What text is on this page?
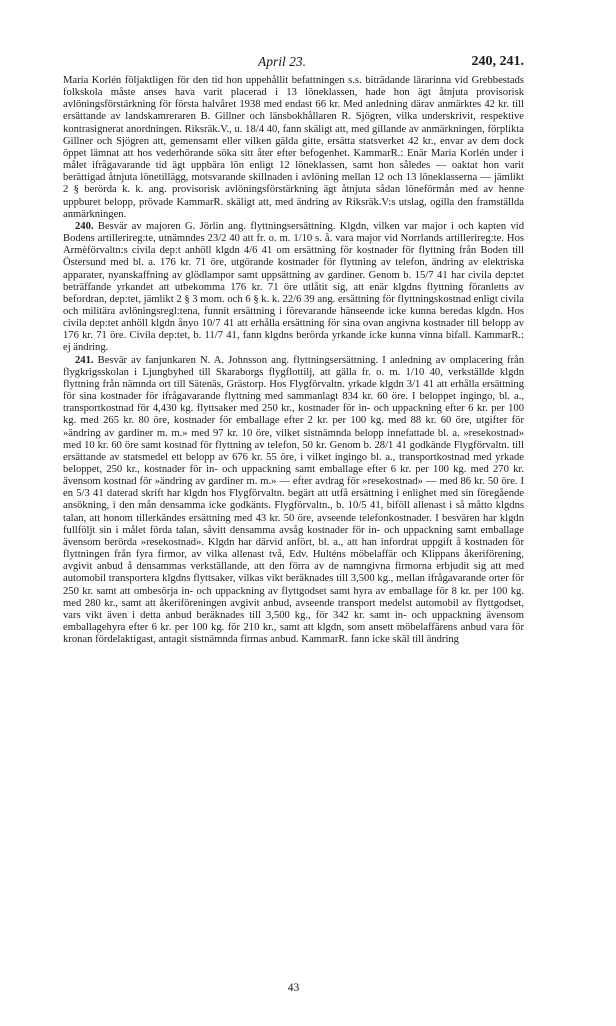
April 23.	240, 241.

Maria Korlén följaktligen för den tid hon uppehållit befattningen s.s. biträdande lärarinna vid Grebbestads folkskola måste anses hava varit placerad i 13 löneklassen, hade hon ägt åtnjuta provisorisk avlöningsförstärkning för första halvåret 1938 med endast 66 kr. Med anledning därav anmärktes 42 kr. till ersättande av landskamreraren B. Gillner och länsbokhållaren R. Sjögren, vilka underskrivit, respektive kontrasignerat anordningen. Riksräk.V., u. 18/4 40, fann skäligt att, med gillande av anmärkningen, förplikta Gillner och Sjögren att, gemensamt eller vilken gälda gitte, ersätta statsverket 42 kr., envar av dem dock öppet lämnat att hos vederhörande söka sitt åter efter befogenhet. KammarR.: Enär Maria Korlén under i målet ifrågavarande tid ägt uppbära lön enligt 12 löneklassen, samt hon således — oaktat hon varit berättigad åtnjuta lönetillägg, motsvarande skillnaden i avlöning mellan 12 och 13 löneklasserna — jämlikt 2 § berörda k. k. ang. provisorisk avlöningsförstärkning ägt åtnjuta sådan löneförmån med av henne uppburet belopp, prövade KammarR. skäligt att, med ändring av Riksräk.V:s utslag, ogilla den framställda anmärkningen.

240. Besvär av majoren G. Jörlin ang. flyttningsersättning. Klgdn, vilken var major i och kapten vid Bodens artillerireg:te, utnämndes 23/2 40 att fr. o. m. 1/10 s. å. vara major vid Norrlands artillerireg:te. Hos Armèförvaltn:s civila dep:t anhöll klgdn 4/6 41 om ersättning för kostnader för flyttning från Boden till Östersund med bl. a. 176 kr. 71 öre, utgörande kostnader för flyttning av telefon, ändring av elektriska apparater, nyanskaffning av glödlampor samt uppsättning av gardiner. Genom b. 15/7 41 har civila dep:tet beträffande yrkandet att utbekomma 176 kr. 71 öre utlåtit sig, att enär klgdns flyttning föranletts av befordran, dep:tet, jämlikt 2 § 3 mom. och 6 § k. k. 22/6 39 ang. ersättning för flyttningskostnad enligt civila och militära avlöningsregl:tena, funnit ersättning i förevarande hänseende icke kunna beredas klgdn. Hos civila dep:tet anhöll klgdn ånyo 10/7 41 att erhålla ersättning för sina ovan angivna kostnader till belopp av 176 kr. 71 öre. Civila dep:tet, b. 11/7 41, fann klgdns berörda yrkande icke kunna vinna bifall. KammarR.: ej ändring.

241. Besvär av fanjunkaren N. A. Johnsson ang. flyttningsersättning. I anledning av omplacering från flygkrigsskolan i Ljungbyhed till Skaraborgs flygflottilj, att gälla fr. o. m. 1/10 40, verkställde klgdn flyttning från nämnda ort till Sätenäs, Grästorp. Hos Flygförvaltn. yrkade klgdn 3/1 41 att erhålla ersättning för sina kostnader för ifrågavarande flyttning med sammanlagt 834 kr. 60 öre. I beloppet ingingo, bl. a., transportkostnad för 4,430 kg. flyttsaker med 250 kr., kostnader för in- och uppackning efter 6 kr. per 100 kg. med 265 kr. 80 öre, kostnader för emballage efter 2 kr. per 100 kg. med 88 kr. 60 öre, utgifter för »ändring av gardiner m. m.» med 97 kr. 10 öre, vilket sistnämnda belopp innefattade bl. a. »resekostnad» med 10 kr. 60 öre samt kostnad för flyttning av telefon, 50 kr. Genom b. 28/1 41 godkände Flygförvaltn. till ersättande av statsmedel ett belopp av 676 kr. 55 öre, i vilket ingingo bl. a., transportkostnad med yrkade beloppet, 250 kr., kostnader för in- och uppackning samt emballage efter 6 kr. per 100 kg. med 270 kr. ävensom kostnad för »ändring av gardiner m. m.» — efter avdrag för »resekostnad» — med 86 kr. 50 öre. I en 5/3 41 daterad skrift har klgdn hos Flygförvaltn. begärt att utfå ersättning i enlighet med sin föregående ansökning, i den mån densamma icke godkänts. Flygförvaltn., b. 10/5 41, biföll allenast i så måtto klgdns talan, att honom tillerkändes ersättning med 43 kr. 50 öre, avseende telefonkostnader. I besvären har klgdn fullföljt sin i målet förda talan, såvitt densamma avsåg kostnader för in- och uppackning samt emballage ävensom berörda »resekostnad». Klgdn har därvid anfört, bl. a., att han infordrat uppgift å kostnaden för flyttningen från fyra firmor, av vilka allenast två, Edv. Hulténs möbelaffär och Klippans åkeriförening, avgivit anbud å densammas verkställande, att den förra av de namngivna firmorna erbjudit sig att med automobil transportera klgdns flyttsaker, vilkas vikt beräknades till 3,500 kg., mellan ifrågavarande orter för 250 kr. samt att ombesörja in- och uppackning av flyttgodset samt hyra av emballage för 8 kr. per 100 kg. med 280 kr., samt att åkeriföreningen avgivit anbud, avseende transport medelst automobil av flyttgodset, vars vikt även i detta anbud beräknades till 3,500 kg., för 342 kr. samt in- och uppackning ävensom emballagehyra efter 6 kr. per 100 kg. för 210 kr., samt att klgdn, som ansett möbelaffärens anbud vara för kronan fördelaktigast, antagit sistnämnda firmas anbud. KammarR. fann icke skäl till ändring

43
